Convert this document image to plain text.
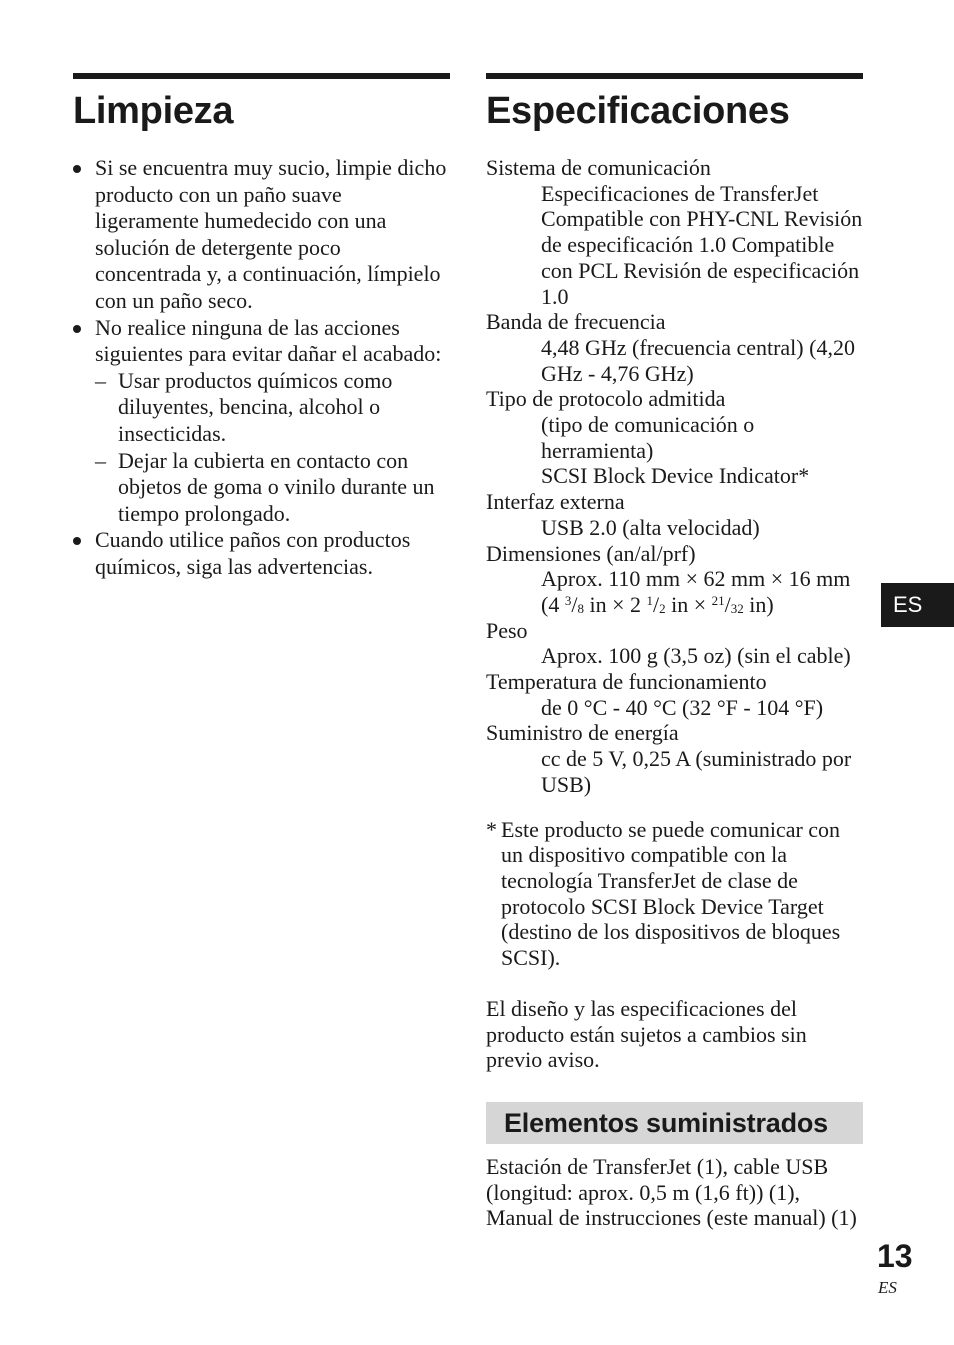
Limpieza
Si se encuentra muy sucio, limpie dicho producto con un paño suave ligeramente humedecido con una solución de detergente poco concentrada y, a continuación, límpielo con un paño seco.
No realice ninguna de las acciones siguientes para evitar dañar el acabado:
– Usar productos químicos como diluyentes, bencina, alcohol o insecticidas.
– Dejar la cubierta en contacto con objetos de goma o vinilo durante un tiempo prolongado.
Cuando utilice paños con productos químicos, siga las advertencias.
Especificaciones
Sistema de comunicación
Especificaciones de TransferJet Compatible con PHY-CNL Revisión de especificación 1.0 Compatible con PCL Revisión de especificación 1.0
Banda de frecuencia
4,48 GHz (frecuencia central) (4,20 GHz - 4,76 GHz)
Tipo de protocolo admitida
(tipo de comunicación o herramienta)
SCSI Block Device Indicator*
Interfaz externa
USB 2.0 (alta velocidad)
Dimensiones (an/al/prf)
Aprox. 110 mm × 62 mm × 16 mm
(4 $^3/_8$ in × 2 $^1/_2$ in × $^{21}/_{32}$ in)
Peso
Aprox. 100 g (3,5 oz) (sin el cable)
Temperatura de funcionamiento
de 0 °C - 40 °C (32 °F - 104 °F)
Suministro de energía
cc de 5 V, 0,25 A (suministrado por USB)
* Este producto se puede comunicar con un dispositivo compatible con la tecnología TransferJet de clase de protocolo SCSI Block Device Target (destino de los dispositivos de bloques SCSI).
El diseño y las especificaciones del producto están sujetos a cambios sin previo aviso.
Elementos suministrados
Estación de TransferJet (1), cable USB (longitud: aprox. 0,5 m (1,6 ft)) (1), Manual de instrucciones (este manual) (1)
ES
13
ES
